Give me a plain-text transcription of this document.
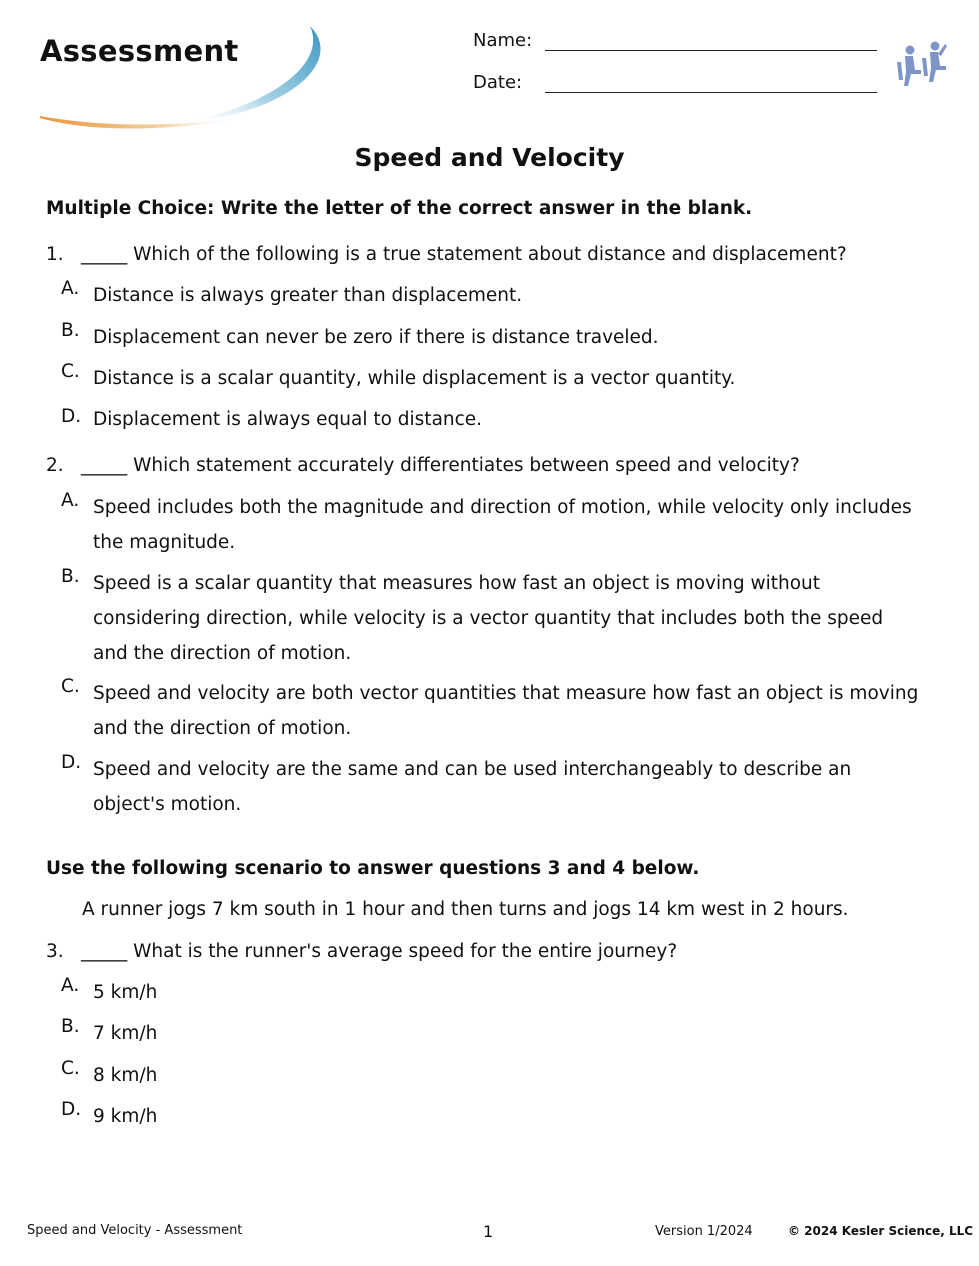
Assessment	Name:
Date:
Speed and Velocity
Multiple Choice: Write the letter of the correct answer in the blank.
1. _____ Which of the following is a true statement about distance and displacement?
A. Distance is always greater than displacement.
B. Displacement can never be zero if there is distance traveled.
C. Distance is a scalar quantity, while displacement is a vector quantity.
D. Displacement is always equal to distance.
2. _____ Which statement accurately differentiates between speed and velocity?
A. Speed includes both the magnitude and direction of motion, while velocity only includes the magnitude.
B. Speed is a scalar quantity that measures how fast an object is moving without considering direction, while velocity is a vector quantity that includes both the speed and the direction of motion.
C. Speed and velocity are both vector quantities that measure how fast an object is moving and the direction of motion.
D. Speed and velocity are the same and can be used interchangeably to describe an object's motion.
Use the following scenario to answer questions 3 and 4 below.
A runner jogs 7 km south in 1 hour and then turns and jogs 14 km west in 2 hours.
3. _____ What is the runner's average speed for the entire journey?
A. 5 km/h
B. 7 km/h
C. 8 km/h
D. 9 km/h
Speed and Velocity - Assessment	1	Version 1/2024	© 2024 Kesler Science, LLC
